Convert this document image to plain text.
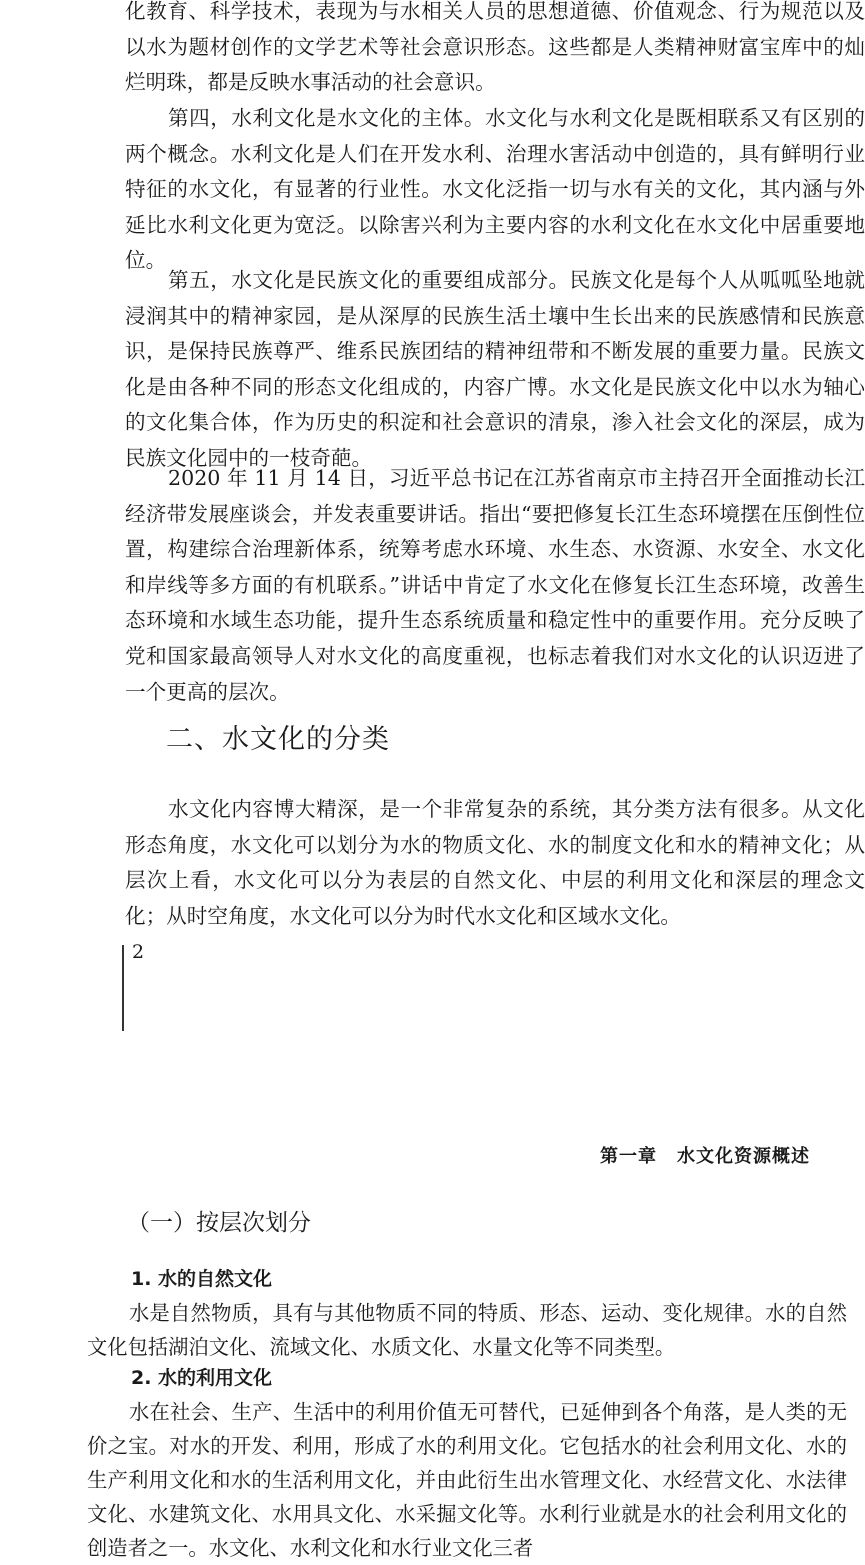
化教育、科学技术，表现为与水相关人员的思想道德、价值观念、行为规范以及以水为题材创作的文学艺术等社会意识形态。这些都是人类精神财富宝库中的灿烂明珠，都是反映水事活动的社会意识。

第四，水利文化是水文化的主体。水文化与水利文化是既相联系又有区别的两个概念。水利文化是人们在开发水利、治理水害活动中创造的，具有鲜明行业特征的水文化，有显著的行业性。水文化泛指一切与水有关的文化，其内涵与外延比水利文化更为宽泛。以除害兴利为主要内容的水利文化在水文化中居重要地位。

第五，水文化是民族文化的重要组成部分。民族文化是每个人从呱呱坠地就浸润其中的精神家园，是从深厚的民族生活土壤中生长出来的民族感情和民族意识，是保持民族尊严、维系民族团结的精神纽带和不断发展的重要力量。民族文化是由各种不同的形态文化组成的，内容广博。水文化是民族文化中以水为轴心的文化集合体，作为历史的积淀和社会意识的清泉，渗入社会文化的深层，成为民族文化园中的一枝奇葩。

2020 年 11 月 14 日，习近平总书记在江苏省南京市主持召开全面推动长江经济带发展座谈会，并发表重要讲话。指出“要把修复长江生态环境摆在压倒性位置，构建综合治理新体系，统筹考虑水环境、水生态、水资源、水安全、水文化和岸线等多方面的有机联系。”讲话中肯定了水文化在修复长江生态环境，改善生态环境和水域生态功能，提升生态系统质量和稳定性中的重要作用。充分反映了党和国家最高领导人对水文化的高度重视，也标志着我们对水文化的认识迈进了一个更高的层次。

二、水文化的分类

水文化内容博大精深，是一个非常复杂的系统，其分类方法有很多。从文化形态角度，水文化可以划分为水的物质文化、水的制度文化和水的精神文化；从层次上看，水文化可以分为表层的自然文化、中层的利用文化和深层的理念文化；从时空角度，水文化可以分为时代水文化和区域水文化。

2
第一章 水文化资源概述
（一）按层次划分
1. 水的自然文化

水是自然物质，具有与其他物质不同的特质、形态、运动、变化规律。水的自然文化包括湖泊文化、流域文化、水质文化、水量文化等不同类型。

2. 水的利用文化

水在社会、生产、生活中的利用价值无可替代，已延伸到各个角落，是人类的无价之宝。对水的开发、利用，形成了水的利用文化。它包括水的社会利用文化、水的生产利用文化和水的生活利用文化，并由此衍生出水管理文化、水经营文化、水法律文化、水建筑文化、水用具文化、水采掘文化等。水利行业就是水的社会利用文化的创造者之一。水文化、水利文化和水行业文化三者
